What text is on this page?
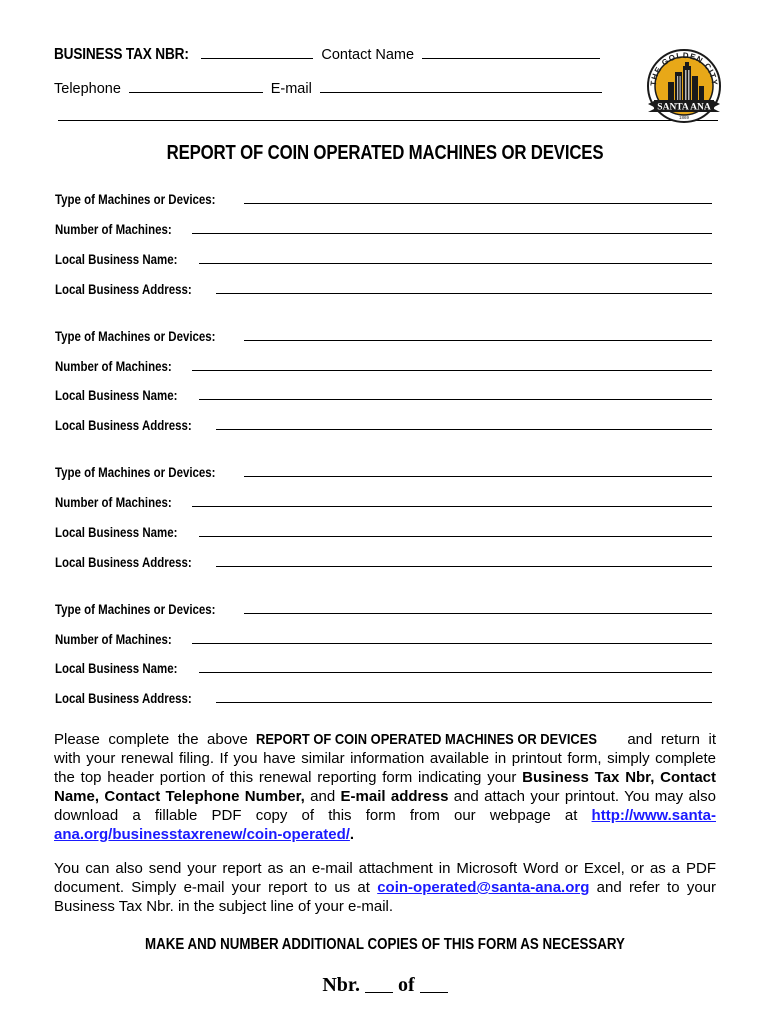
BUSINESS TAX NBR:	Contact Name
Telephone	E-mail	THE GOLDEN CITY
SANTA ANA
1869
REPORT OF COIN OPERATED MACHINES OR DEVICES
Type of Machines or Devices:
Number of Machines:
Local Business Name:
Local Business Address:
Type of Machines or Devices:
Number of Machines:
Local Business Name:
Local Business Address:
Type of Machines or Devices:
Number of Machines:
Local Business Name:
Local Business Address:
Type of Machines or Devices:
Number of Machines:
Local Business Name:
Local Business Address:
Please complete the above REPORT OF COIN OPERATED MACHINES OR DEVICES and return it with your renewal filing. If you have similar information available in printout form, simply complete the top header portion of this renewal reporting form indicating your Business Tax Nbr, Contact Name, Contact Telephone Number, and E-mail address and attach your printout. You may also download a fillable PDF copy of this form from our webpage at http://www.santa-ana.org/businesstaxrenew/coin-operated/.
You can also send your report as an e-mail attachment in Microsoft Word or Excel, or as a PDF document. Simply e-mail your report to us at coin-operated@santa-ana.org and refer to your Business Tax Nbr. in the subject line of your e-mail.
MAKE AND NUMBER ADDITIONAL COPIES OF THIS FORM AS NECESSARY
Nbr. of
